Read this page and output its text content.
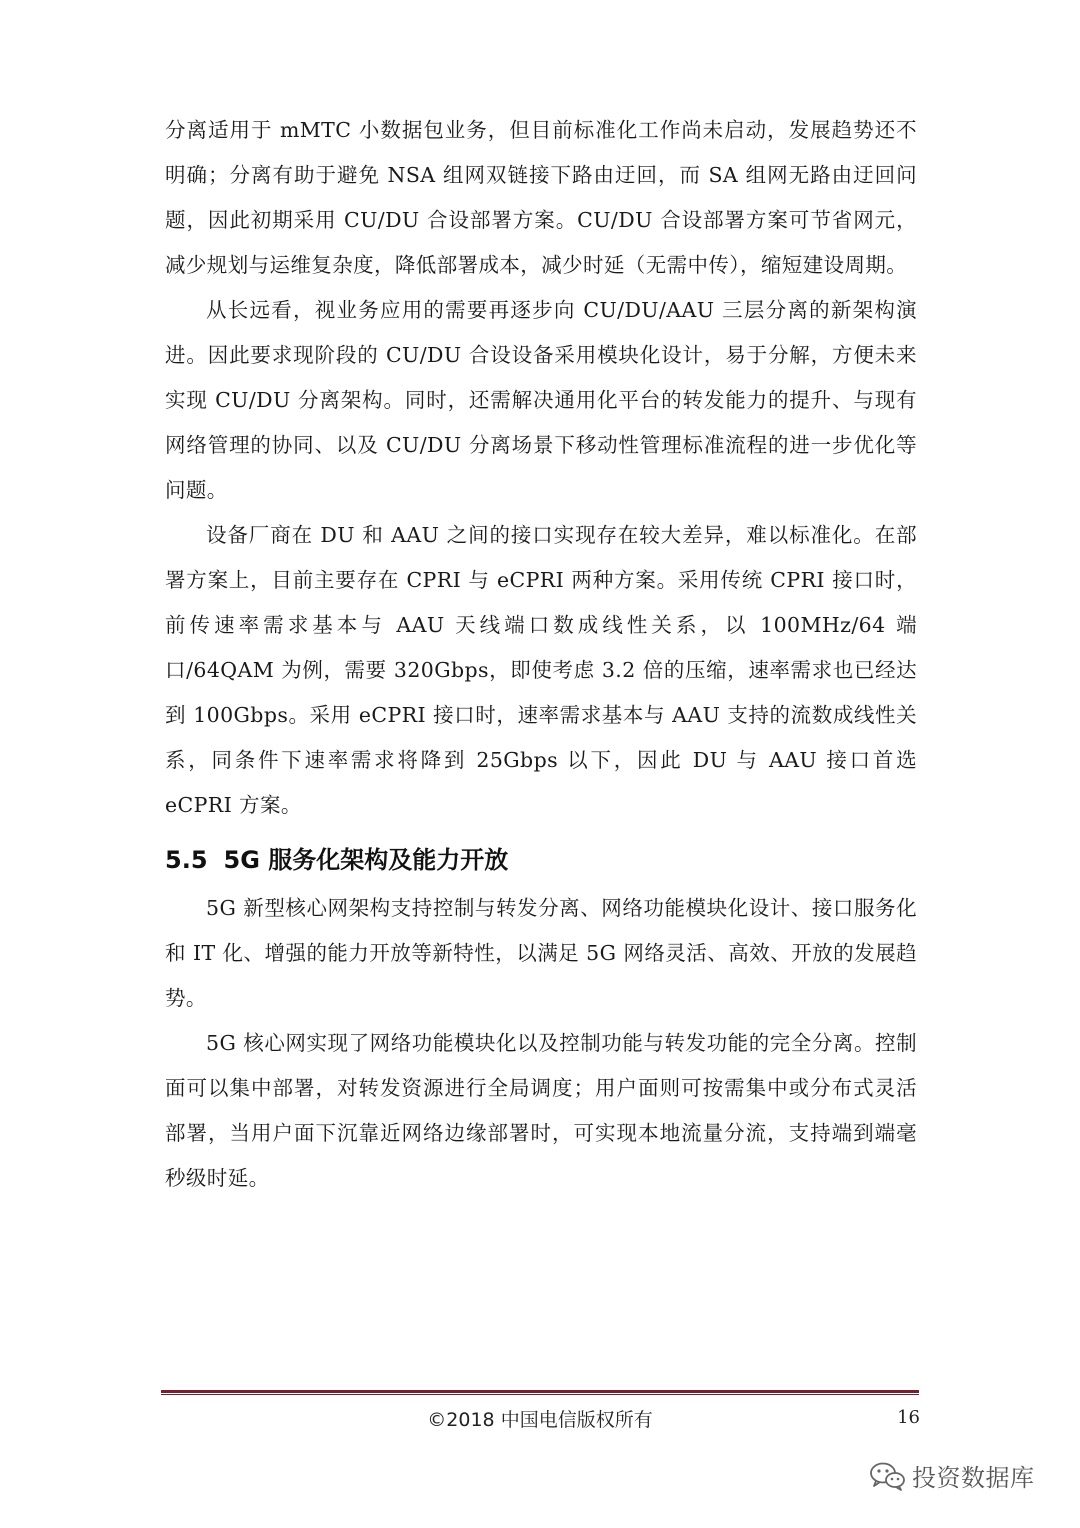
分离适用于 mMTC 小数据包业务，但目前标准化工作尚未启动，发展趋势还不明确；分离有助于避免 NSA 组网双链接下路由迂回，而 SA 组网无路由迂回问题，因此初期采用 CU/DU 合设部署方案。CU/DU 合设部署方案可节省网元，减少规划与运维复杂度，降低部署成本，减少时延（无需中传），缩短建设周期。

从长远看，视业务应用的需要再逐步向 CU/DU/AAU 三层分离的新架构演进。因此要求现阶段的 CU/DU 合设设备采用模块化设计，易于分解，方便未来实现 CU/DU 分离架构。同时，还需解决通用化平台的转发能力的提升、与现有网络管理的协同、以及 CU/DU 分离场景下移动性管理标准流程的进一步优化等问题。

设备厂商在 DU 和 AAU 之间的接口实现存在较大差异，难以标准化。在部署方案上，目前主要存在 CPRI 与 eCPRI 两种方案。采用传统 CPRI 接口时，前传速率需求基本与 AAU 天线端口数成线性关系，以 100MHz/64 端口/64QAM 为例，需要 320Gbps，即使考虑 3.2 倍的压缩，速率需求也已经达到 100Gbps。采用 eCPRI 接口时，速率需求基本与 AAU 支持的流数成线性关系，同条件下速率需求将降到 25Gbps 以下，因此 DU 与 AAU 接口首选 eCPRI 方案。

5.5 5G 服务化架构及能力开放

5G 新型核心网架构支持控制与转发分离、网络功能模块化设计、接口服务化和 IT 化、增强的能力开放等新特性，以满足 5G 网络灵活、高效、开放的发展趋势。

5G 核心网实现了网络功能模块化以及控制功能与转发功能的完全分离。控制面可以集中部署，对转发资源进行全局调度；用户面则可按需集中或分布式灵活部署，当用户面下沉靠近网络边缘部署时，可实现本地流量分流，支持端到端毫秒级时延。

©2018 中国电信版权所有	16
投资数据库
